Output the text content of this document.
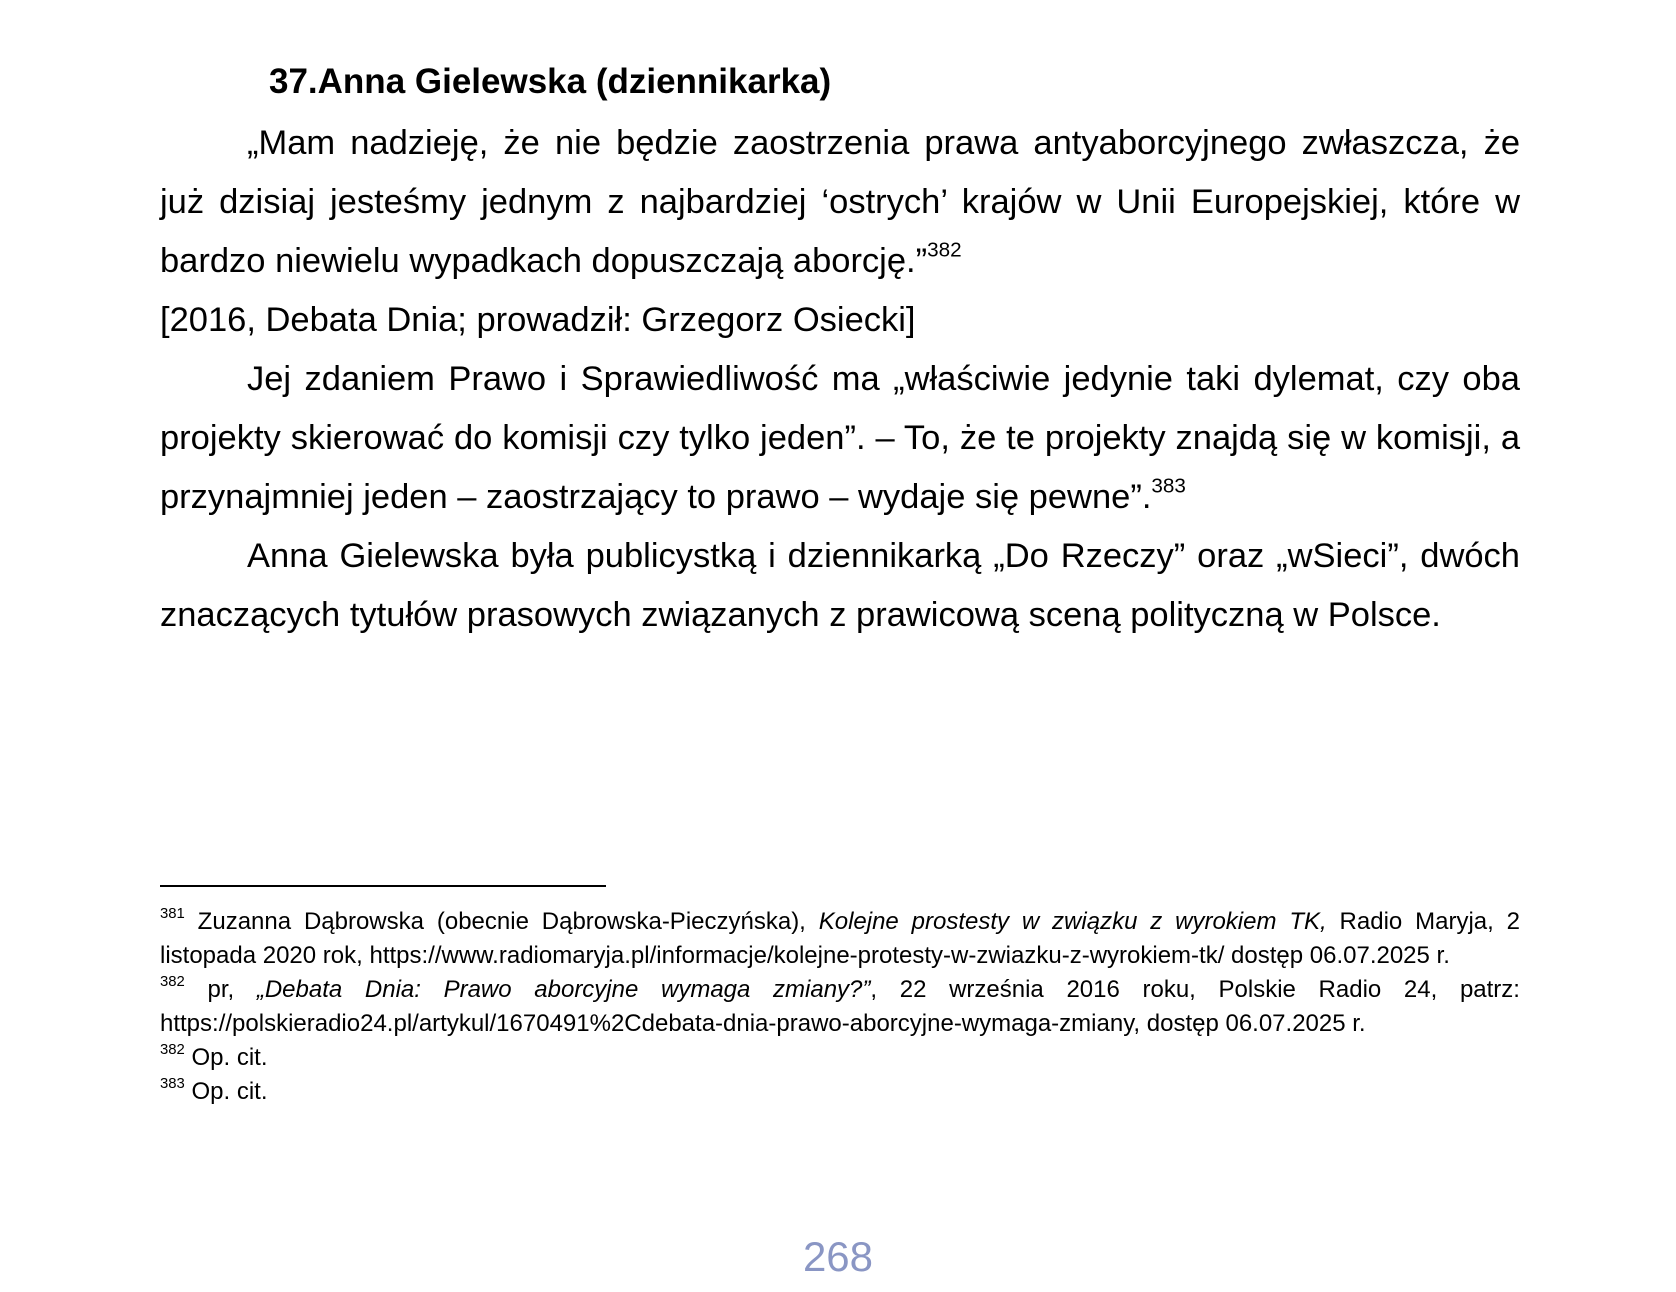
37.Anna Gielewska (dziennikarka)

„Mam nadzieję, że nie będzie zaostrzenia prawa antyaborcyjnego zwłaszcza, że już dzisiaj jesteśmy jednym z najbardziej ‘ostrych’ krajów w Unii Europejskiej, które w bardzo niewielu wypadkach dopuszczają aborcję.”$^{382}$
[2016, Debata Dnia; prowadził: Grzegorz Osiecki]

Jej zdaniem Prawo i Sprawiedliwość ma „właściwie jedynie taki dylemat, czy oba projekty skierować do komisji czy tylko jeden”. – To, że te projekty znajdą się w komisji, a przynajmniej jeden – zaostrzający to prawo – wydaje się pewne”.$^{383}$

Anna Gielewska była publicystką i dziennikarką „Do Rzeczy” oraz „wSieci”, dwóch znaczących tytułów prasowych związanych z prawicową sceną polityczną w Polsce.

$^{381}$ Zuzanna Dąbrowska (obecnie Dąbrowska-Pieczyńska), Kolejne prostesty w związku z wyrokiem TK, Radio Maryja, 2 listopada 2020 rok, https://www.radiomaryja.pl/informacje/kolejne-protesty-w-zwiazku-z-wyrokiem-tk/ dostęp 06.07.2025 r.

$^{382}$ pr, „Debata Dnia: Prawo aborcyjne wymaga zmiany?”, 22 września 2016 roku, Polskie Radio 24, patrz: https://polskieradio24.pl/artykul/1670491%2Cdebata-dnia-prawo-aborcyjne-wymaga-zmiany, dostęp 06.07.2025 r.

$^{382}$ Op. cit.

$^{383}$ Op. cit.

268
